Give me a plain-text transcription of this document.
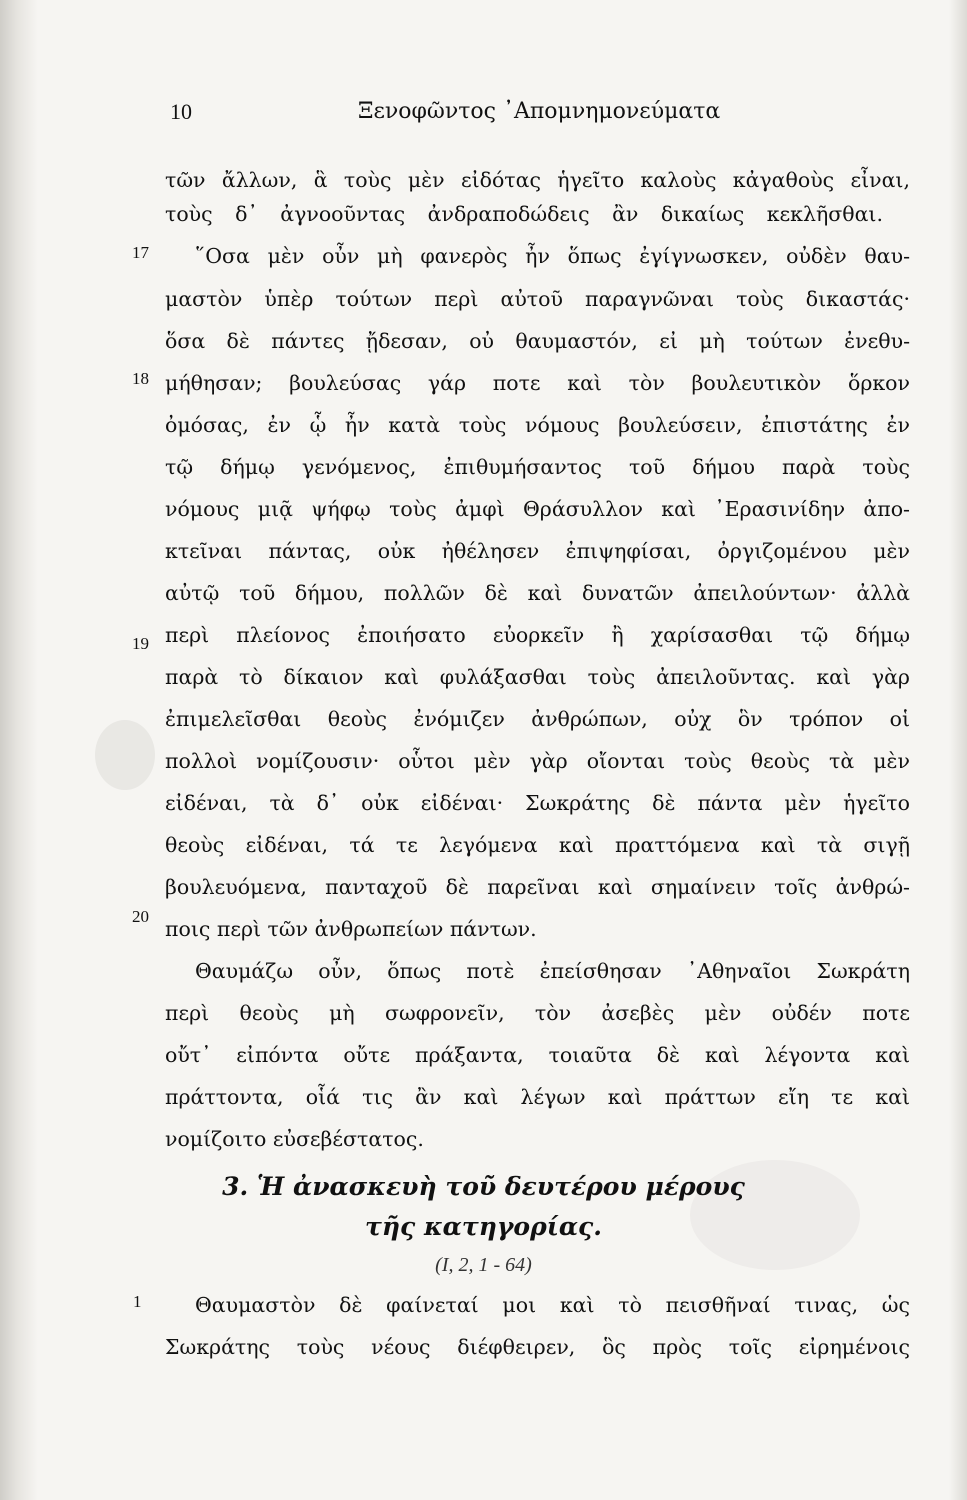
10	Ξενοφῶντος ᾿Απομνημονεύματα
17
18
19
20
1
τῶν ἄλλων, ἃ τοὺς μὲν εἰδότας ἡγεῖτο καλοὺς κἀγαθοὺς εἶναι,
τοὺς δ᾿ ἀγνοοῦντας ἀνδραποδώδεις ἂν δικαίως κεκλῆσθαι.
῞Οσα μὲν οὖν μὴ φανερὸς ἦν ὅπως ἐγίγνωσκεν, οὐδὲν θαυ-
μαστὸν ὑπὲρ τούτων περὶ αὐτοῦ παραγνῶναι τοὺς δικαστάς·
ὅσα δὲ πάντες ᾔδεσαν, οὐ θαυμαστόν, εἰ μὴ τούτων ἐνεθυ-
μήθησαν; βουλεύσας γάρ ποτε καὶ τὸν βουλευτικὸν ὅρκον
ὀμόσας, ἐν ᾧ ἦν κατὰ τοὺς νόμους βουλεύσειν, ἐπιστάτης ἐν
τῷ δήμῳ γενόμενος, ἐπιθυμήσαντος τοῦ δήμου παρὰ τοὺς
νόμους μιᾷ ψήφῳ τοὺς ἀμφὶ Θράσυλλον καὶ ᾿Ερασινίδην ἀπο-
κτεῖναι πάντας, οὐκ ἠθέλησεν ἐπιψηφίσαι, ὀργιζομένου μὲν
αὐτῷ τοῦ δήμου, πολλῶν δὲ καὶ δυνατῶν ἀπειλούντων· ἀλλὰ
περὶ πλείονος ἐποιήσατο εὐορκεῖν ἢ χαρίσασθαι τῷ δήμῳ
παρὰ τὸ δίκαιον καὶ φυλάξασθαι τοὺς ἀπειλοῦντας. καὶ γὰρ
ἐπιμελεῖσθαι θεοὺς ἐνόμιζεν ἀνθρώπων, οὐχ ὃν τρόπον οἱ
πολλοὶ νομίζουσιν· οὗτοι μὲν γὰρ οἴονται τοὺς θεοὺς τὰ μὲν
εἰδέναι, τὰ δ᾿ οὐκ εἰδέναι· Σωκράτης δὲ πάντα μὲν ἡγεῖτο
θεοὺς εἰδέναι, τά τε λεγόμενα καὶ πραττόμενα καὶ τὰ σιγῇ
βουλευόμενα, πανταχοῦ δὲ παρεῖναι καὶ σημαίνειν τοῖς ἀνθρώ-
ποις περὶ τῶν ἀνθρωπείων πάντων.
Θαυμάζω οὖν, ὅπως ποτὲ ἐπείσθησαν ᾿Αθηναῖοι Σωκράτη
περὶ θεοὺς μὴ σωφρονεῖν, τὸν ἀσεβὲς μὲν οὐδέν ποτε
οὔτ᾿ εἰπόντα οὔτε πράξαντα, τοιαῦτα δὲ καὶ λέγοντα καὶ
πράττοντα, οἷά τις ἂν καὶ λέγων καὶ πράττων εἴη τε καὶ
νομίζοιτο εὐσεβέστατος.
3. Ἡ ἀνασκευὴ τοῦ δευτέρου μέρους
τῆς κατηγορίας.
(I, 2, 1 - 64)
Θαυμαστὸν δὲ φαίνεταί μοι καὶ τὸ πεισθῆναί τινας, ὡς
Σωκράτης τοὺς νέους διέφθειρεν, ὃς πρὸς τοῖς εἰρημένοις
